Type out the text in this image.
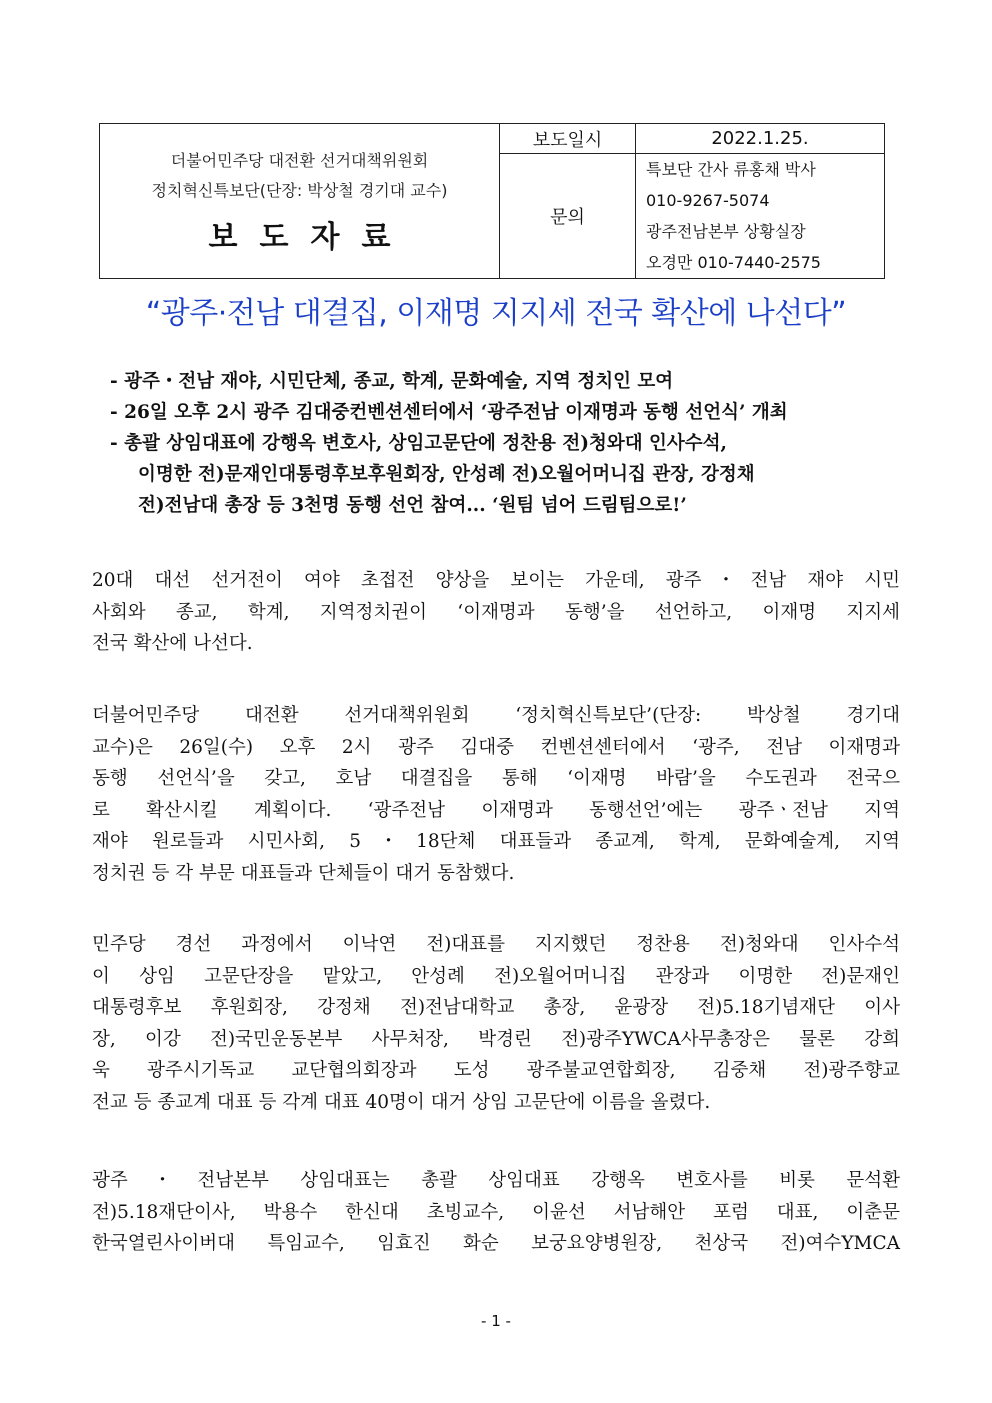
더불어민주당 대전환 선거대책위원회
정치혁신특보단(단장: 박상철 경기대 교수)
보도자료	보도일시	2022.1.25.
	문의	특보단 간사 류홍채 박사
010-9267-5074
광주전남본부 상황실장
오경만 010-7440-2575
“광주·전남 대결집, 이재명 지지세 전국 확산에 나선다”
- 광주・전남 재야, 시민단체, 종교, 학계, 문화예술, 지역 정치인 모여
- 26일 오후 2시 광주 김대중컨벤션센터에서 ‘광주전남 이재명과 동행 선언식’ 개최
- 총괄 상임대표에 강행옥 변호사, 상임고문단에 정찬용 전)청와대 인사수석,
이명한 전)문재인대통령후보후원회장, 안성례 전)오월어머니집 관장, 강정채
전)전남대 총장 등 3천명 동행 선언 참여... ‘원팀 넘어 드림팀으로!’
20대 대선 선거전이 여야 초접전 양상을 보이는 가운데, 광주・전남 재야 시민
사회와 종교, 학계, 지역정치권이 ‘이재명과 동행’을 선언하고, 이재명 지지세
전국 확산에 나선다.
더불어민주당 대전환 선거대책위원회 ‘정치혁신특보단’(단장: 박상철 경기대
교수)은 26일(수) 오후 2시 광주 김대중 컨벤션센터에서 ‘광주, 전남 이재명과
동행 선언식’을 갖고, 호남 대결집을 통해 ‘이재명 바람’을 수도권과 전국으
로 확산시킬 계획이다. ‘광주전남 이재명과 동행선언’에는 광주ㆍ전남 지역
재야 원로들과 시민사회, 5・18단체 대표들과 종교계, 학계, 문화예술계, 지역
정치권 등 각 부문 대표들과 단체들이 대거 동참했다.
민주당 경선 과정에서 이낙연 전)대표를 지지했던 정찬용 전)청와대 인사수석
이 상임 고문단장을 맡았고, 안성례 전)오월어머니집 관장과 이명한 전)문재인
대통령후보 후원회장, 강정채 전)전남대학교 총장, 윤광장 전)5.18기념재단 이사
장, 이강 전)국민운동본부 사무처장, 박경린 전)광주YWCA사무총장은 물론 강희
욱 광주시기독교 교단협의회장과 도성 광주불교연합회장, 김중채 전)광주향교
전교 등 종교계 대표 등 각계 대표 40명이 대거 상임 고문단에 이름을 올렸다.
광주・전남본부 상임대표는 총괄 상임대표 강행옥 변호사를 비롯 문석환
전)5.18재단이사, 박용수 한신대 초빙교수, 이윤선 서남해안 포럼 대표, 이춘문
한국열린사이버대 특임교수, 임효진 화순 보궁요양병원장, 천상국 전)여수YMCA
- 1 -
